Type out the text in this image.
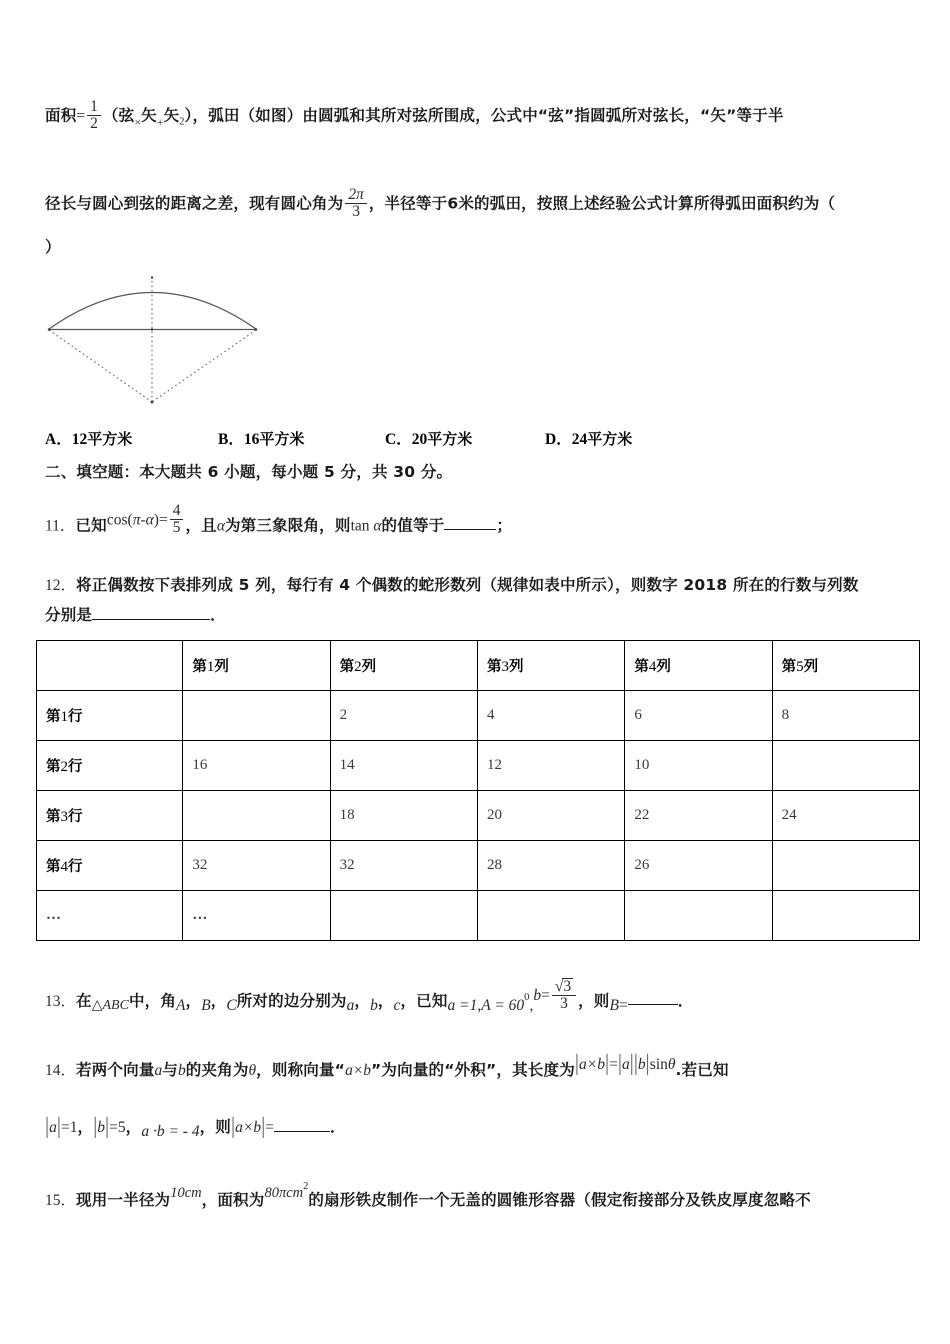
面积= $\frac{1}{2}$ （弦$_\times$矢$_+$矢$_2$），弧田（如图）由圆弧和其所对弦所围成，公式中“弦”指圆弧所对弦长，“矢”等于半
径长与圆心到弦的距离之差，现有圆心角为 $\frac{2\pi}{3}$ ，半径等于6米的弧田，按照上述经验公式计算所得弧田面积约为（
）
A．12平方米	B．16平方米	C．20平方米	D．24平方米
二、填空题：本大题共 6 小题，每小题 5 分，共 30 分。
11．已知$\cos(\pi-\alpha)= \frac{4}{5}$ ，且α为第三象限角，则tan α的值等于	；
12．将正偶数按下表排列成 5 列，每行有 4 个偶数的蛇形数列（规律如表中所示），则数字 2018 所在的行数与列数
分别是	．
	第1列	第2列	第3列	第4列	第5列
第1行		2	4	6	8
第2行	16	14	12	10	
第3行		18	20	22	24
第4行	32	32	28	26	
…	…				
13．在△ABC中，角A，B，C所对的边分别为a，b，c，已知$a =1,A = 60^0,b= \frac{√3}{3}$ ，则B=	．
14．若两个向量a与b的夹角为θ，则称向量“a×b”为向量的“外积”，其长度为|a×b|=|a||b|sinθ.若已知
|a|=1，|b|=5，a ·b = - 4，则|a×b|=	．
15．现用一半径为10cm，面积为80πcm$^2$的扇形铁皮制作一个无盖的圆锥形容器（假定衔接部分及铁皮厚度忽略不
